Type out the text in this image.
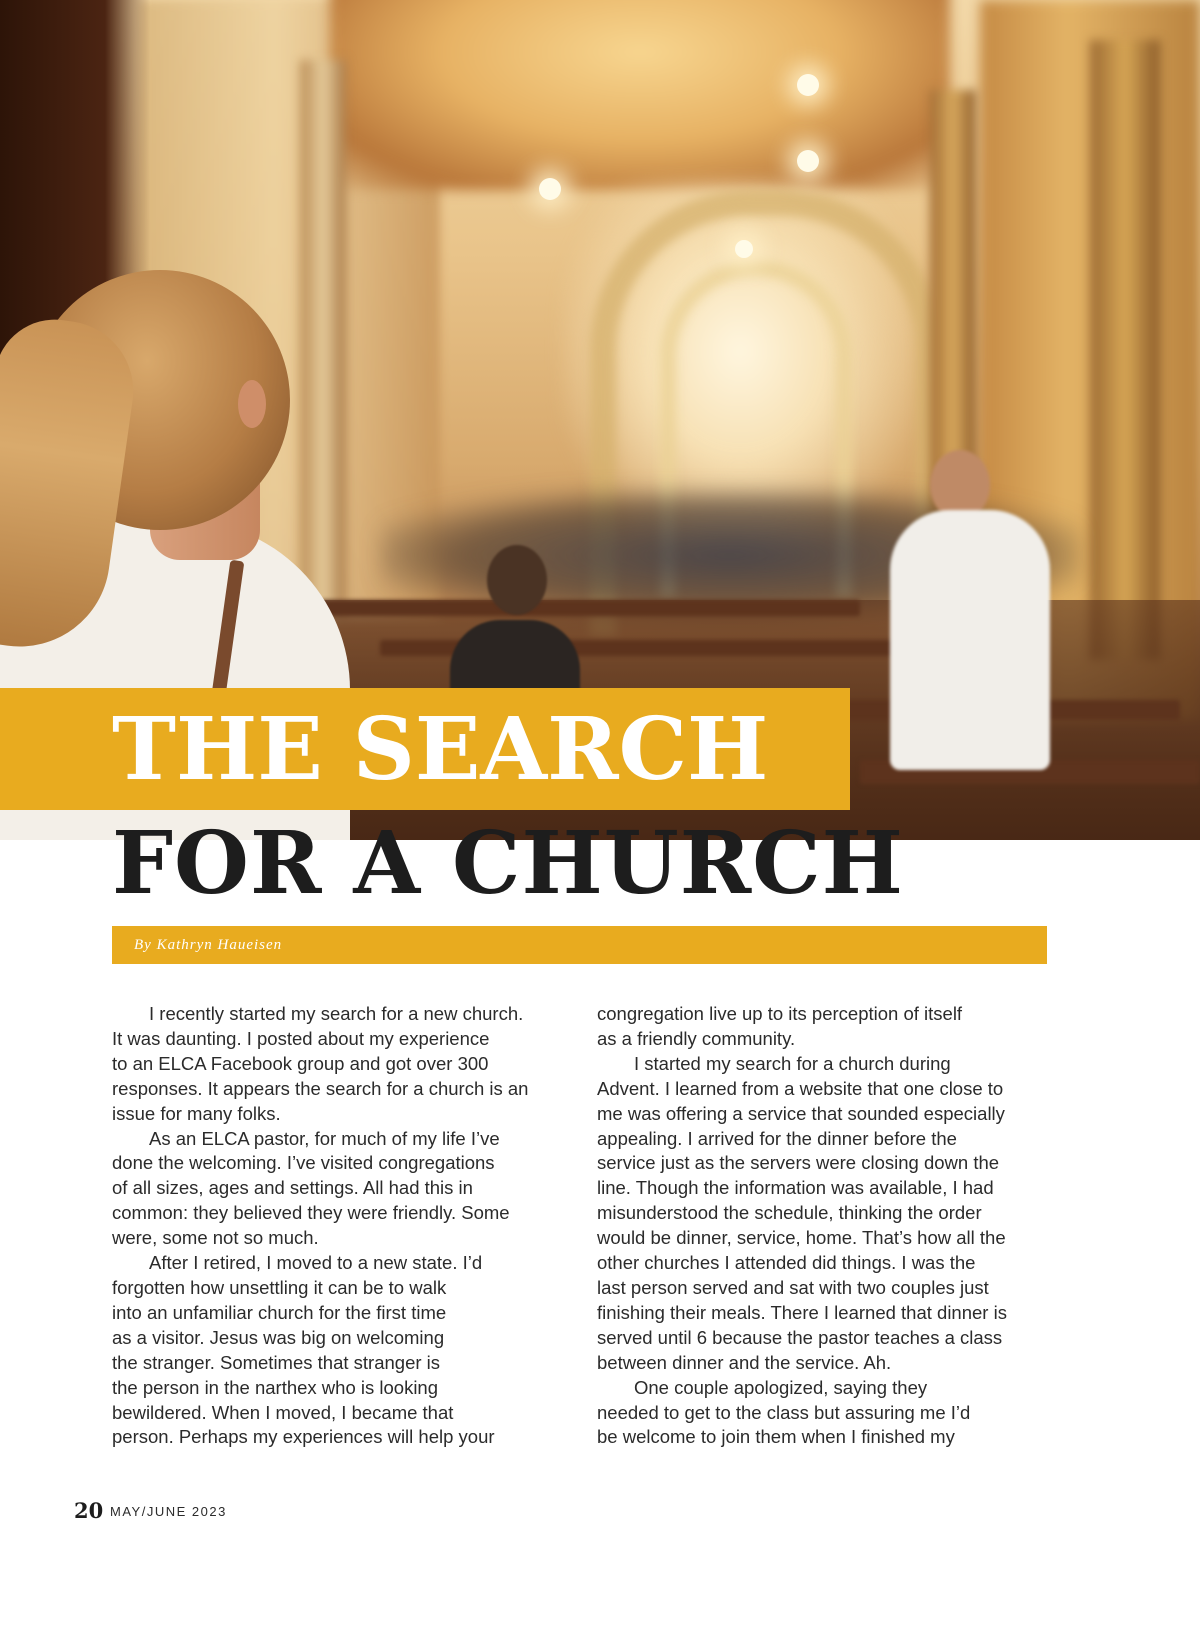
THE SEARCH
FOR A CHURCH
By Kathryn Haueisen
I recently started my search for a new church.
It was daunting. I posted about my experience
to an ELCA Facebook group and got over 300
responses. It appears the search for a church is an
issue for many folks.
As an ELCA pastor, for much of my life I’ve
done the welcoming. I’ve visited congregations
of all sizes, ages and settings. All had this in
common: they believed they were friendly. Some
were, some not so much.
After I retired, I moved to a new state. I’d
forgotten how unsettling it can be to walk
into an unfamiliar church for the first time
as a visitor. Jesus was big on welcoming
the stranger. Sometimes that stranger is
the person in the narthex who is looking
bewildered. When I moved, I became that
person. Perhaps my experiences will help your
congregation live up to its perception of itself
as a friendly community.
I started my search for a church during
Advent. I learned from a website that one close to
me was offering a service that sounded especially
appealing. I arrived for the dinner before the
service just as the servers were closing down the
line. Though the information was available, I had
misunderstood the schedule, thinking the order
would be dinner, service, home. That’s how all the
other churches I attended did things. I was the
last person served and sat with two couples just
finishing their meals. There I learned that dinner is
served until 6 because the pastor teaches a class
between dinner and the service. Ah.
One couple apologized, saying they
needed to get to the class but assuring me I’d
be welcome to join them when I finished my
20 MAY/JUNE 2023
